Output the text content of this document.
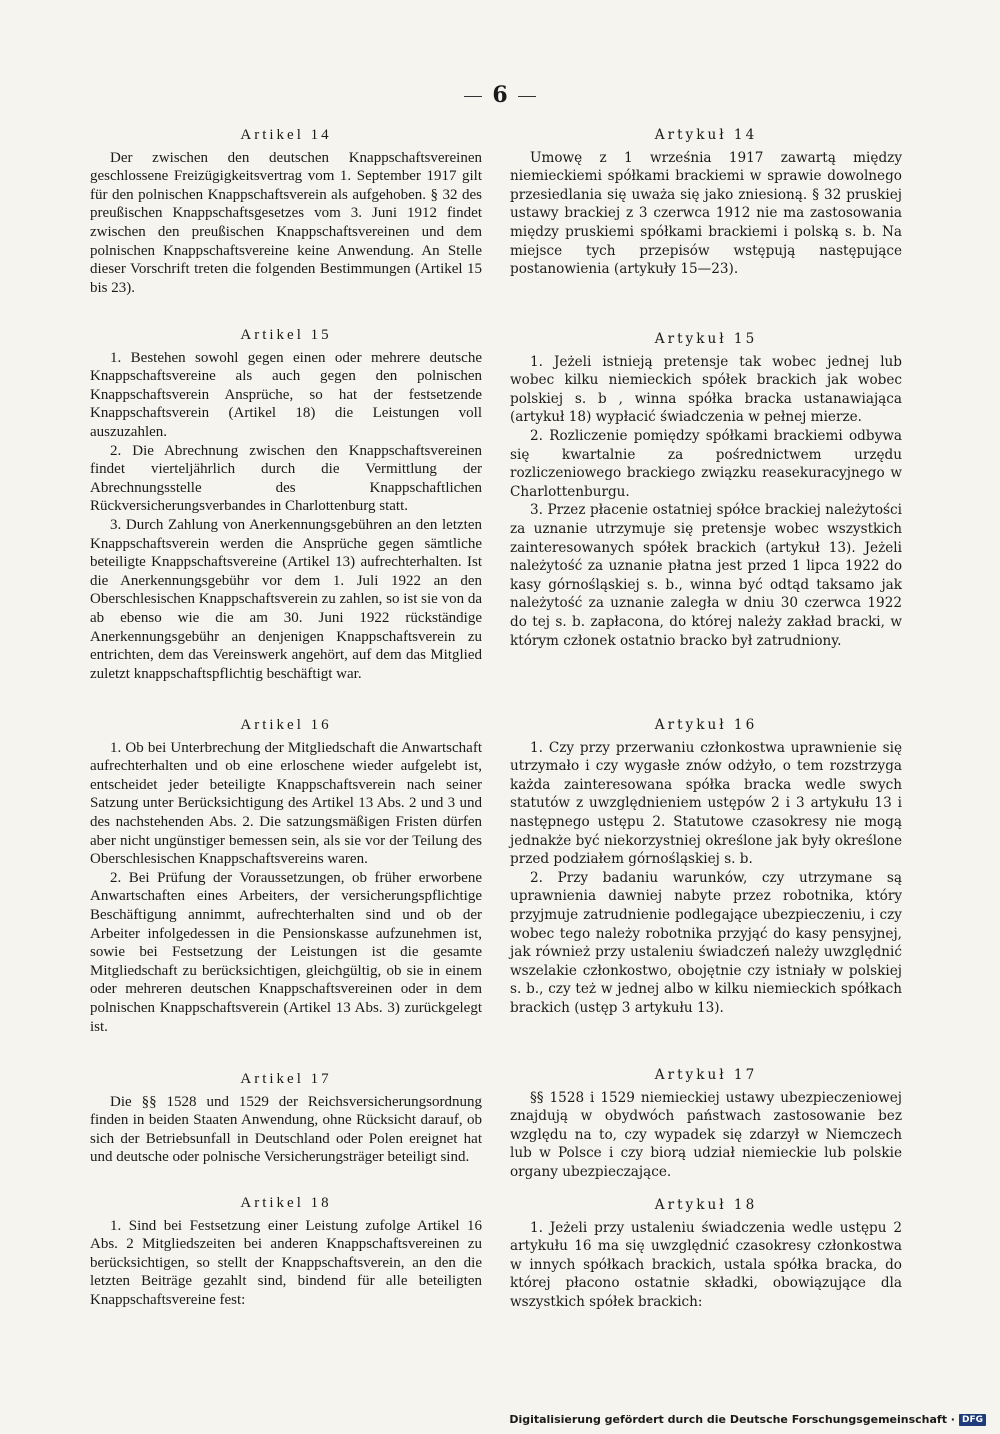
6
Artikel 14

Der zwischen den deutschen Knappschaftsvereinen geschlossene Freizügigkeitsvertrag vom 1. September 1917 gilt für den polnischen Knappschaftsverein als aufgehoben. § 32 des preußischen Knappschaftsgesetzes vom 3. Juni 1912 findet zwischen den preußischen Knappschaftsvereinen und dem polnischen Knappschaftsvereine keine Anwendung. An Stelle dieser Vorschrift treten die folgenden Bestimmungen (Artikel 15 bis 23).

Artikel 15

1. Bestehen sowohl gegen einen oder mehrere deutsche Knappschaftsvereine als auch gegen den polnischen Knappschaftsverein Ansprüche, so hat der festsetzende Knappschaftsverein (Artikel 18) die Leistungen voll auszuzahlen.

2. Die Abrechnung zwischen den Knappschaftsvereinen findet vierteljährlich durch die Vermittlung der Abrechnungsstelle des Knappschaftlichen Rückversicherungsverbandes in Charlottenburg statt.

3. Durch Zahlung von Anerkennungsgebühren an den letzten Knappschaftsverein werden die Ansprüche gegen sämtliche beteiligte Knappschaftsvereine (Artikel 13) aufrechterhalten. Ist die Anerkennungsgebühr vor dem 1. Juli 1922 an den Oberschlesischen Knappschaftsverein zu zahlen, so ist sie von da ab ebenso wie die am 30. Juni 1922 rückständige Anerkennungsgebühr an denjenigen Knappschaftsverein zu entrichten, dem das Vereinswerk angehört, auf dem das Mitglied zuletzt knappschaftspflichtig beschäftigt war.

Artikel 16

1. Ob bei Unterbrechung der Mitgliedschaft die Anwartschaft aufrechterhalten und ob eine erloschene wieder aufgelebt ist, entscheidet jeder beteiligte Knappschaftsverein nach seiner Satzung unter Berücksichtigung des Artikel 13 Abs. 2 und 3 und des nachstehenden Abs. 2. Die satzungsmäßigen Fristen dürfen aber nicht ungünstiger bemessen sein, als sie vor der Teilung des Oberschlesischen Knappschaftsvereins waren.

2. Bei Prüfung der Voraussetzungen, ob früher erworbene Anwartschaften eines Arbeiters, der versicherungspflichtige Beschäftigung annimmt, aufrechterhalten sind und ob der Arbeiter infolgedessen in die Pensionskasse aufzunehmen ist, sowie bei Festsetzung der Leistungen ist die gesamte Mitgliedschaft zu berücksichtigen, gleichgültig, ob sie in einem oder mehreren deutschen Knappschaftsvereinen oder in dem polnischen Knappschaftsverein (Artikel 13 Abs. 3) zurückgelegt ist.

Artikel 17

Die §§ 1528 und 1529 der Reichsversicherungsordnung finden in beiden Staaten Anwendung, ohne Rücksicht darauf, ob sich der Betriebsunfall in Deutschland oder Polen ereignet hat und deutsche oder polnische Versicherungsträger beteiligt sind.

Artikel 18

1. Sind bei Festsetzung einer Leistung zufolge Artikel 16 Abs. 2 Mitgliedszeiten bei anderen Knappschaftsvereinen zu berücksichtigen, so stellt der Knappschaftsverein, an den die letzten Beiträge gezahlt sind, bindend für alle beteiligten Knappschaftsvereine fest:

Artykuł 14

Umowę z 1 września 1917 zawartą między niemieckiemi spółkami brackiemi w sprawie dowolnego przesiedlania się uważa się jako zniesioną. § 32 pruskiej ustawy brackiej z 3 czerwca 1912 nie ma zastosowania między pruskiemi spółkami brackiemi i polską s. b. Na miejsce tych przepisów wstępują następujące postanowienia (artykuły 15—23).

Artykuł 15

1. Jeżeli istnieją pretensje tak wobec jednej lub wobec kilku niemieckich spółek brackich jak wobec polskiej s. b , winna spółka bracka ustanawiająca (artykuł 18) wypłacić świadczenia w pełnej mierze.

2. Rozliczenie pomiędzy spółkami brackiemi odbywa się kwartalnie za pośrednictwem urzędu rozliczeniowego brackiego związku reasekuracyjnego w Charlottenburgu.

3. Przez płacenie ostatniej spółce brackiej należytości za uznanie utrzymuje się pretensje wobec wszystkich zainteresowanych spółek brackich (artykuł 13). Jeżeli należytość za uznanie płatna jest przed 1 lipca 1922 do kasy górnośląskiej s. b., winna być odtąd taksamo jak należytość za uznanie zaległa w dniu 30 czerwca 1922 do tej s. b. zapłacona, do której należy zakład bracki, w którym członek ostatnio bracko był zatrudniony.

Artykuł 16

1. Czy przy przerwaniu członkostwa uprawnienie się utrzymało i czy wygasłe znów odżyło, o tem rozstrzyga każda zainteresowana spółka bracka wedle swych statutów z uwzględnieniem ustępów 2 i 3 artykułu 13 i następnego ustępu 2. Statutowe czasokresy nie mogą jednakże być niekorzystniej określone jak były określone przed podziałem górnośląskiej s. b.

2. Przy badaniu warunków, czy utrzymane są uprawnienia dawniej nabyte przez robotnika, który przyjmuje zatrudnienie podlegające ubezpieczeniu, i czy wobec tego należy robotnika przyjąć do kasy pensyjnej, jak również przy ustaleniu świadczeń należy uwzględnić wszelakie członkostwo, obojętnie czy istniały w polskiej s. b., czy też w jednej albo w kilku niemieckich spółkach brackich (ustęp 3 artykułu 13).

Artykuł 17

§§ 1528 i 1529 niemieckiej ustawy ubezpieczeniowej znajdują w obydwóch państwach zastosowanie bez względu na to, czy wypadek się zdarzył w Niemczech lub w Polsce i czy biorą udział niemieckie lub polskie organy ubezpieczające.

Artykuł 18

1. Jeżeli przy ustaleniu świadczenia wedle ustępu 2 artykułu 16 ma się uwzględnić czasokresy członkostwa w innych spółkach brackich, ustala spółka bracka, do której płacono ostatnie składki, obowiązujące dla wszystkich spółek brackich:

Digitalisierung gefördert durch die Deutsche Forschungsgemeinschaft · DFG
